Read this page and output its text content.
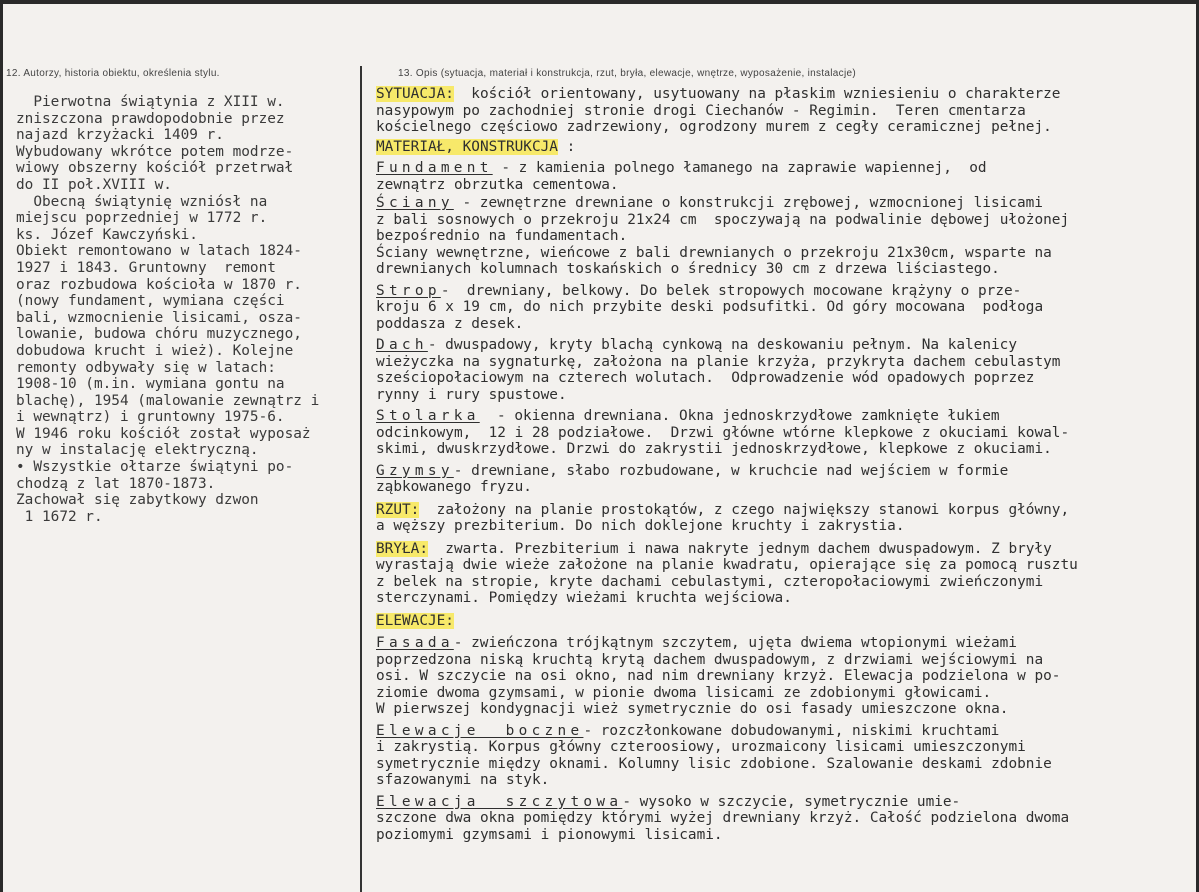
12. Autorzy, historia obiektu, określenia stylu.	13. Opis (sytuacja, materiał i konstrukcja, rzut, bryła, elewacje, wnętrze, wyposażenie, instalacje)
Pierwotna świątynia z XIII w.
zniszczona prawdopodobnie przez
najazd krzyżacki 1409 r.
Wybudowany wkrótce potem modrze-
wiowy obszerny kościół przetrwał
do II poł.XVIII w.
Obecną świątynię wzniósł na
miejscu poprzedniej w 1772 r.
ks. Józef Kawczyński.
Obiekt remontowano w latach 1824-
1927 i 1843. Gruntowny  remont
oraz rozbudowa kościoła w 1870 r.
(nowy fundament, wymiana części
bali, wzmocnienie lisicami, osza-
lowanie, budowa chóru muzycznego,
dobudowa krucht i wież). Kolejne
remonty odbywały się w latach:
1908-10 (m.in. wymiana gontu na
blachę), 1954 (malowanie zewnątrz i
i wewnątrz) i gruntowny 1975-6.
W 1946 roku kościół został wyposaż
ny w instalację elektryczną.
• Wszystkie ołtarze świątyni po-
chodzą z lat 1870-1873.
Zachował się zabytkowy dzwon
1 1672 r.
SYTUACJA:  kościół orientowany, usytuowany na płaskim wzniesieniu o charakterze
nasypowym po zachodniej stronie drogi Ciechanów - Regimin.  Teren cmentarza
kościelnego częściowo zadrzewiony, ogrodzony murem z cegły ceramicznej pełnej.
MATERIAŁ, KONSTRUKCJA :
Fundament - z kamienia polnego łamanego na zaprawie wapiennej,  od
zewnątrz obrzutka cementowa.
Ściany - zewnętrzne drewniane o konstrukcji zrębowej, wzmocnionej lisicami
z bali sosnowych o przekroju 21x24 cm  spoczywają na podwalinie dębowej ułożonej
bezpośrednio na fundamentach.
Ściany wewnętrzne, wieńcowe z bali drewnianych o przekroju 21x30cm, wsparte na
drewnianych kolumnach toskańskich o średnicy 30 cm z drzewa liściastego.
Strop-  drewniany, belkowy. Do belek stropowych mocowane krążyny o prze-
kroju 6 x 19 cm, do nich przybite deski podsufitki. Od góry mocowana  podłoga
poddasza z desek.
Dach- dwuspadowy, kryty blachą cynkową na deskowaniu pełnym. Na kalenicy
wieżyczka na sygnaturkę, założona na planie krzyża, przykryta dachem cebulastym
sześciopołaciowym na czterech wolutach.  Odprowadzenie wód opadowych poprzez
rynny i rury spustowe.
Stolarka  - okienna drewniana. Okna jednoskrzydłowe zamknięte łukiem
odcinkowym,  12 i 28 podziałowe.  Drzwi główne wtórne klepkowe z okuciami kowal-
skimi, dwuskrzydłowe. Drzwi do zakrystii jednoskrzydłowe, klepkowe z okuciami.
Gzymsy- drewniane, słabo rozbudowane, w kruchcie nad wejściem w formie
ząbkowanego fryzu.
RZUT:  założony na planie prostokątów, z czego największy stanowi korpus główny,
a węższy prezbiterium. Do nich doklejone kruchty i zakrystia.
BRYŁA:  zwarta. Prezbiterium i nawa nakryte jednym dachem dwuspadowym. Z bryły
wyrastają dwie wieże założone na planie kwadratu, opierające się za pomocą rusztu
z belek na stropie, kryte dachami cebulastymi, czteropołaciowymi zwieńczonymi
sterczynami. Pomiędzy wieżami kruchta wejściowa.
ELEWACJE:
Fasada- zwieńczona trójkątnym szczytem, ujęta dwiema wtopionymi wieżami
poprzedzona niską kruchtą krytą dachem dwuspadowym, z drzwiami wejściowymi na
osi. W szczycie na osi okno, nad nim drewniany krzyż. Elewacja podzielona w po-
ziomie dwoma gzymsami, w pionie dwoma lisicami ze zdobionymi głowicami.
W pierwszej kondygnacji wież symetrycznie do osi fasady umieszczone okna.
Elewacje  boczne- rozczłonkowane dobudowanymi, niskimi kruchtami
i zakrystią. Korpus główny czteroosiowy, urozmaicony lisicami umieszczonymi
symetrycznie między oknami. Kolumny lisic zdobione. Szalowanie deskami zdobnie
sfazowanymi na styk.
Elewacja  szczytowa- wysoko w szczycie, symetrycznie umie-
szczone dwa okna pomiędzy którymi wyżej drewniany krzyż. Całość podzielona dwoma
poziomymi gzymsami i pionowymi lisicami.
